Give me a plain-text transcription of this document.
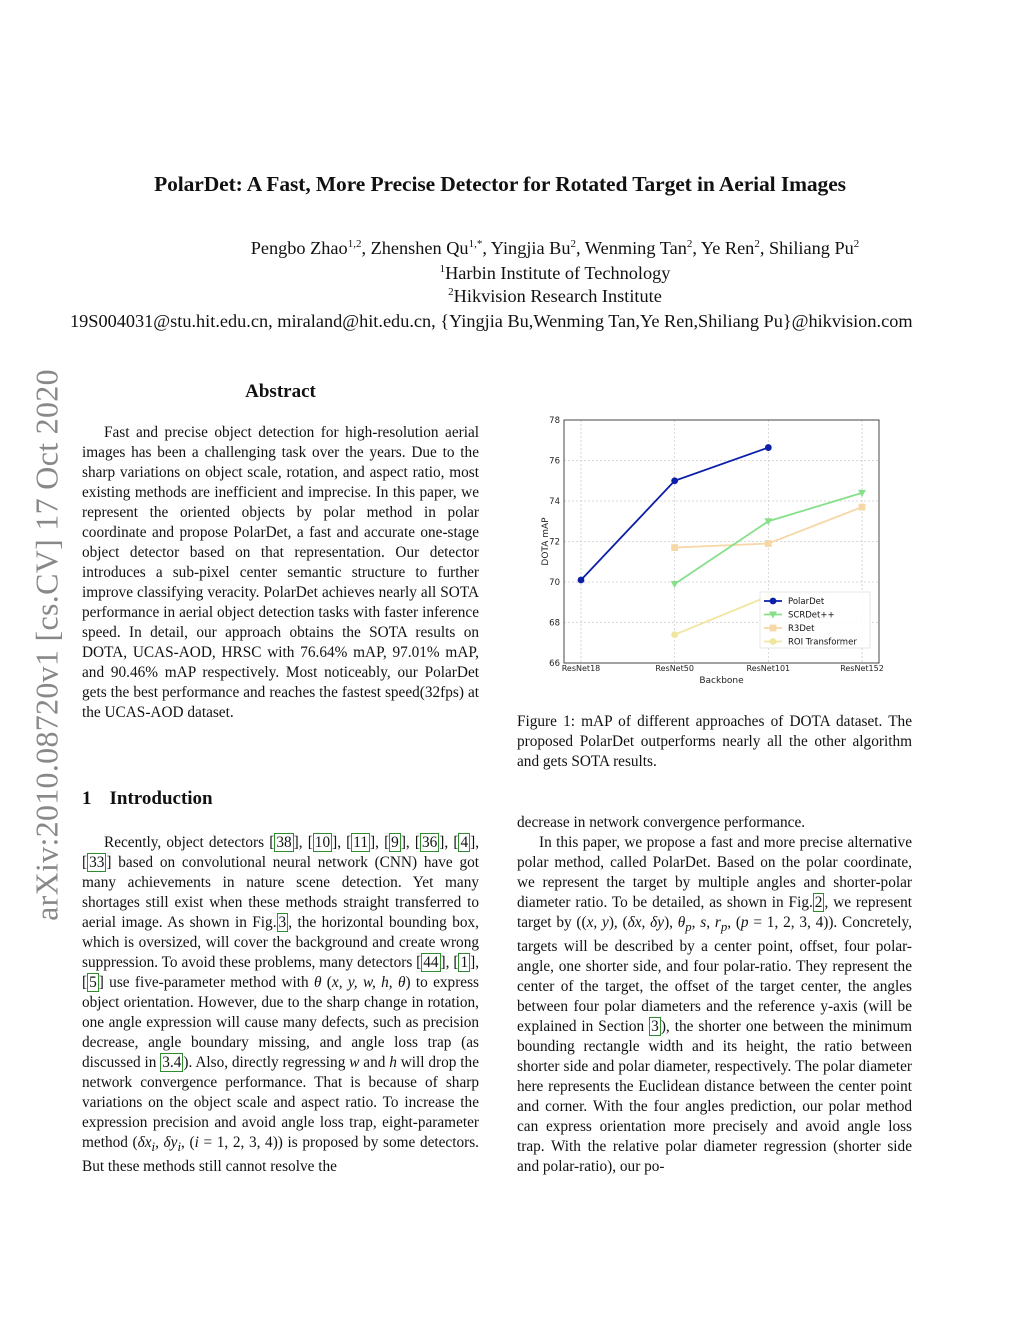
arXiv:2010.08720v1 [cs.CV] 17 Oct 2020
PolarDet: A Fast, More Precise Detector for Rotated Target in Aerial Images
Pengbo Zhao$^{1,2}$, Zhenshen $Qu^{1,*}$, Yingjia Bu$^2$, Wenming Tan$^2$, Ye Ren$^2$, Shiliang Pu$^2$
$^1$Harbin Institute of Technology
$^2$Hikvision Research Institute
19S004031@stu.hit.edu.cn, miraland@hit.edu.cn, {Yingjia Bu,Wenming Tan,Ye Ren,Shiliang Pu}@hikvision.com
Abstract

Fast and precise object detection for high-resolution aerial images has been a challenging task over the years. Due to the sharp variations on object scale, rotation, and aspect ratio, most existing methods are inefficient and imprecise. In this paper, we represent the oriented objects by polar method in polar coordinate and propose PolarDet, a fast and accurate one-stage object detector based on that representation. Our detector introduces a sub-pixel center semantic structure to further improve classifying veracity. PolarDet achieves nearly all SOTA performance in aerial object detection tasks with faster inference speed. In detail, our approach obtains the SOTA results on DOTA, UCAS-AOD, HRSC with 76.64% mAP, 97.01% mAP, and 90.46% mAP respectively. Most noticeably, our PolarDet gets the best performance and reaches the fastest speed(32fps) at the UCAS-AOD dataset.

1 Introduction

Recently, object detectors [ 38 ], [ 10 ], [ 11 ], [ 9 ], [ 36 ], [ 4 ], [ 33 ] based on convolutional neural network (CNN) have got many achievements in nature scene detection. Yet many shortages still exist when these methods straight transferred to aerial image. As shown in Fig. 3 , the horizontal bounding box, which is oversized, will cover the background and create wrong suppression. To avoid these problems, many detectors [ 44 ], [ 1 ], [ 5 ] use five-parameter method with θ (x, y, w, h, θ) to express object orientation. However, due to the sharp change in rotation, one angle expression will cause many defects, such as precision decrease, angle boundary missing, and angle loss trap (as discussed in 3.4 ). Also, directly regressing w and h will drop the network convergence performance. That is because of sharp variations on the object scale and aspect ratio. To increase the expression precision and avoid angle loss trap, eight-parameter method ($\delta x_i$, $\delta y_i$, (i = 1, 2, 3, 4)) is proposed by some detectors. But these methods still cannot resolve the

66
68
70
72
74
76
78
ResNet18	ResNet50	ResNet101	ResNet152
Backbone
DOTA mAP
PolarDet
SCRDet++
R3Det
ROI Transformer
Figure 1: mAP of different approaches of DOTA dataset. The proposed PolarDet outperforms nearly all the other algorithm and gets SOTA results.

decrease in network convergence performance.

In this paper, we propose a fast and more precise alternative polar method, called PolarDet. Based on the polar coordinate, we represent the target by multiple angles and shorter-polar diameter ratio. To be detailed, as shown in Fig. 2 , we represent target by ((x, y), (δx, δy), $\theta_p$, s, $r_p$, (p = 1, 2, 3, 4)). Concretely, targets will be described by a center point, offset, four polar-angle, one shorter side, and four polar-ratio. They represent the center of the target, the offset of the target center, the angles between four polar diameters and the reference y-axis (will be explained in Section 3 ), the shorter one between the minimum bounding rectangle width and its height, the ratio between shorter side and polar diameter, respectively. The polar diameter here represents the Euclidean distance between the center point and corner. With the four angles prediction, our polar method can express orientation more precisely and avoid angle loss trap. With the relative polar diameter regression (shorter side and polar-ratio), our po-
